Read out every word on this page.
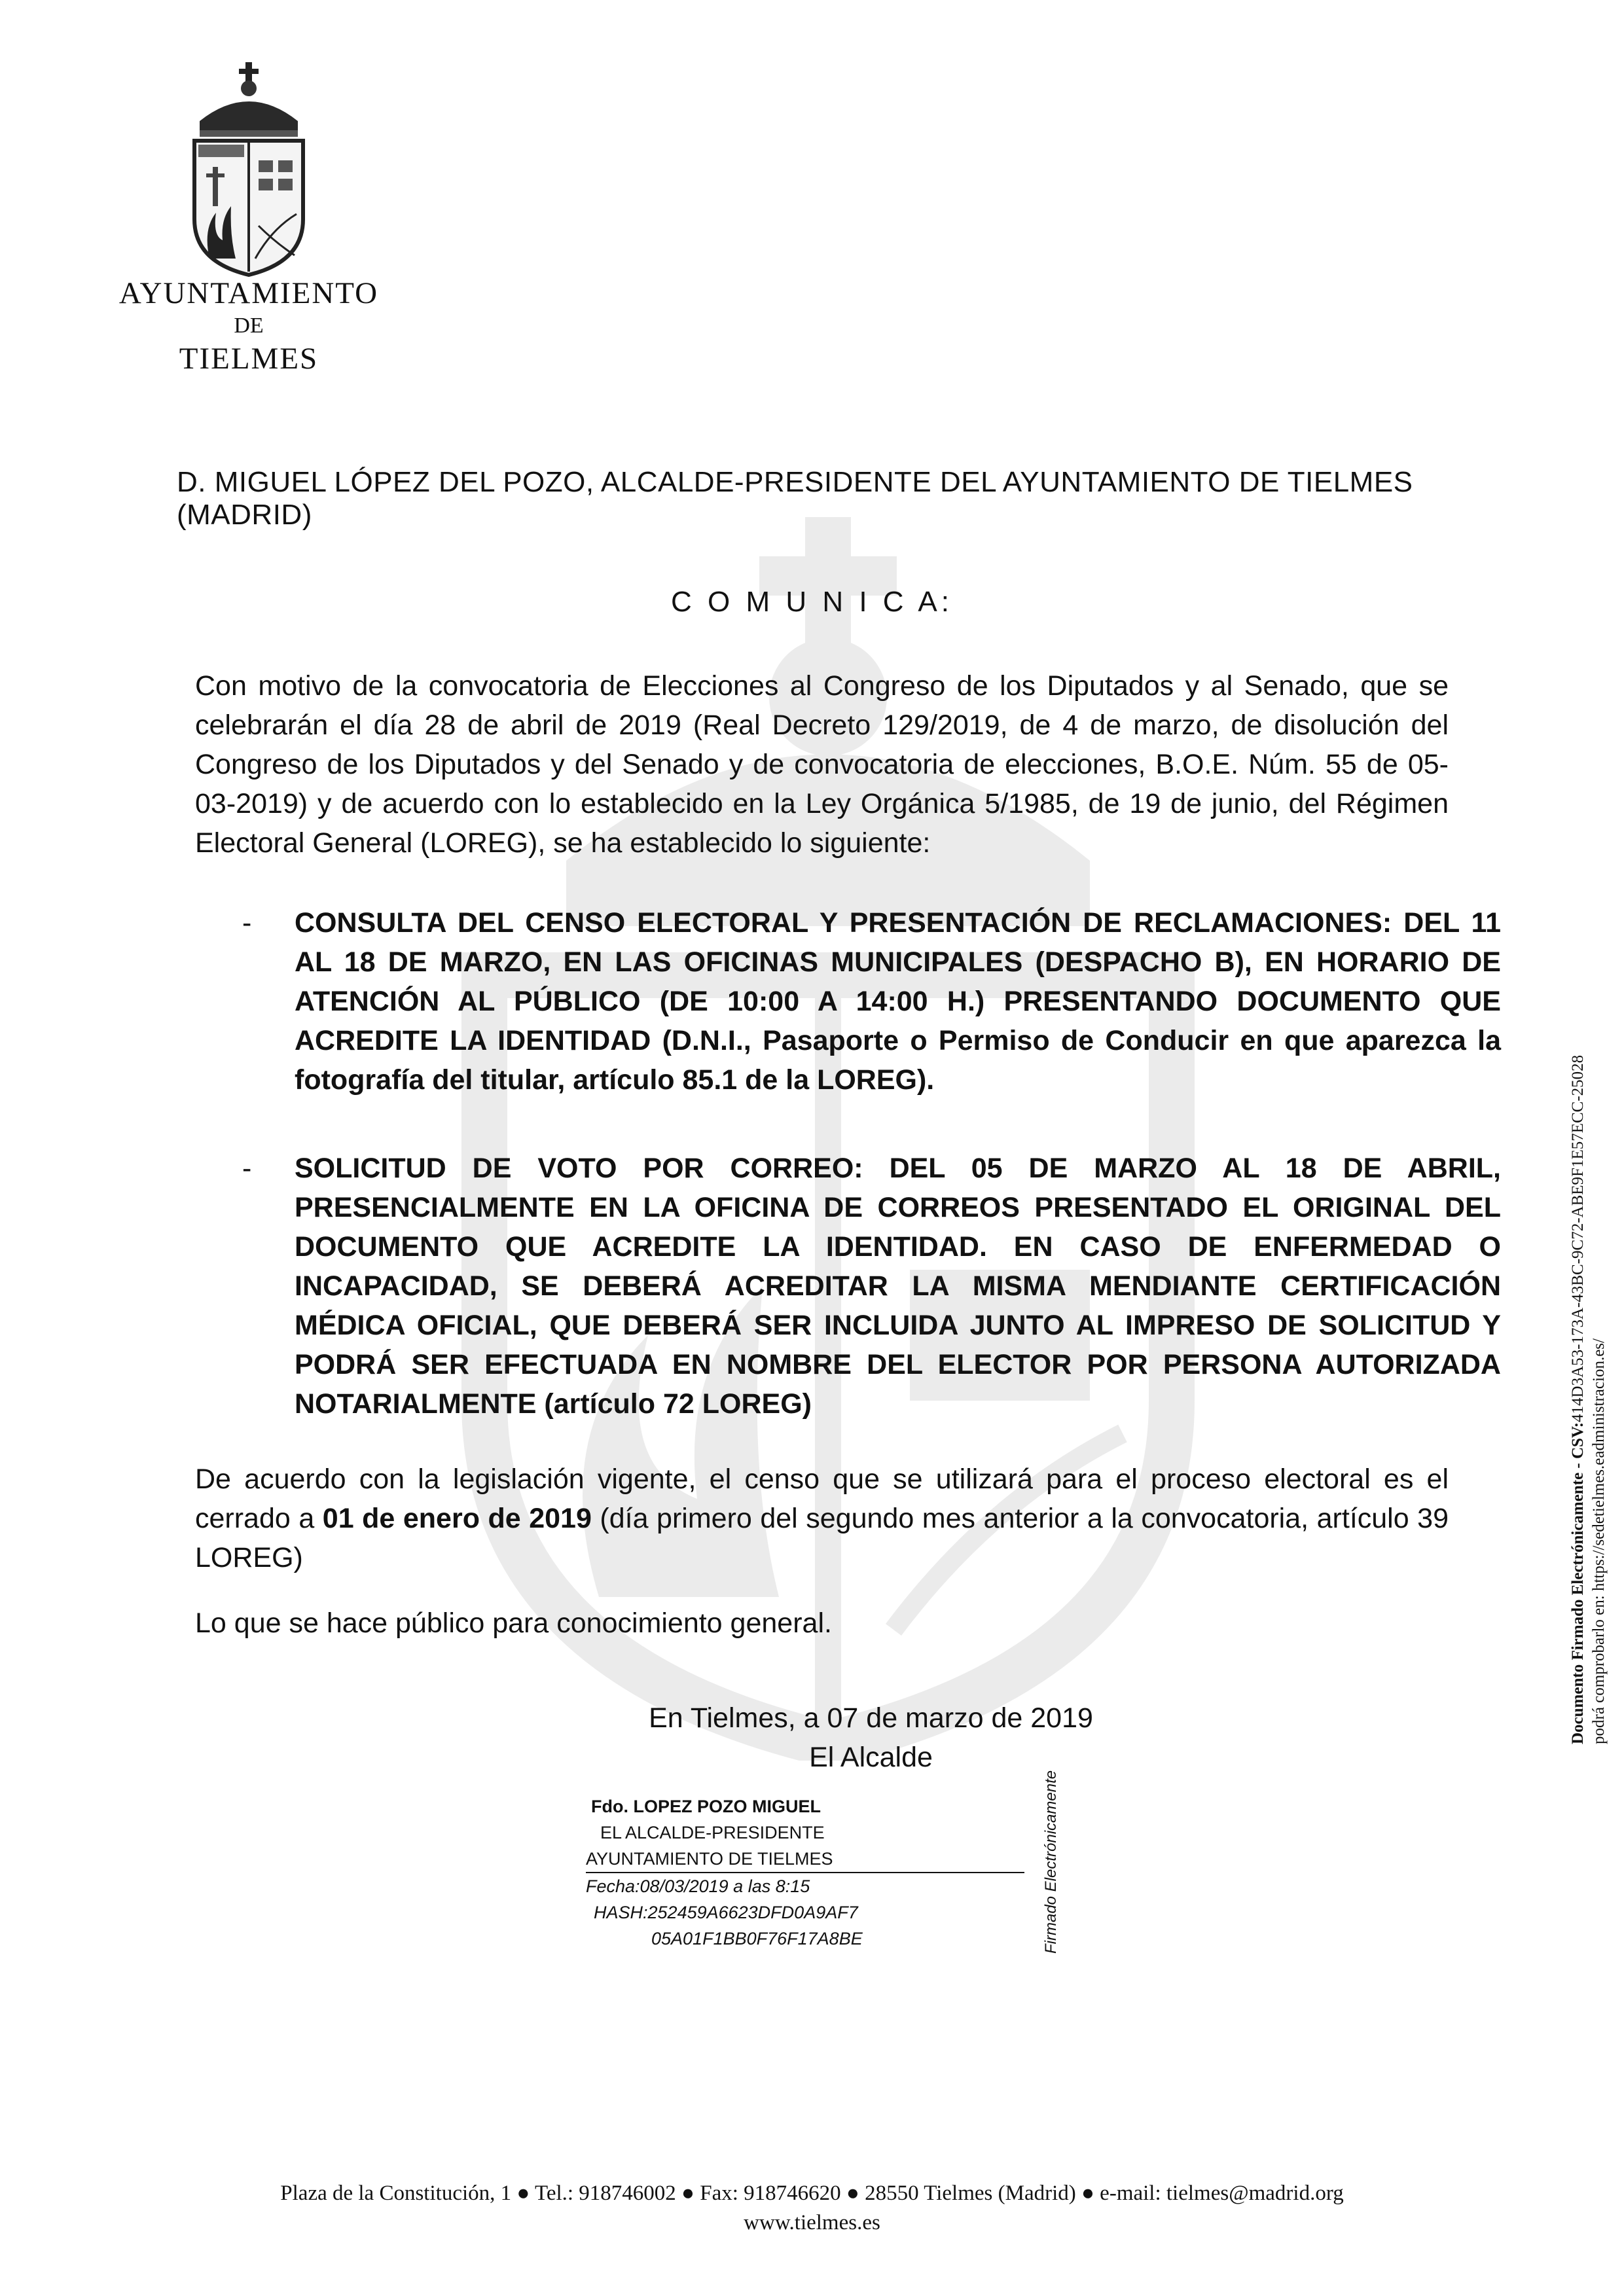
AYUNTAMIENTO
DE
TIELMES
D. MIGUEL LÓPEZ DEL POZO, ALCALDE-PRESIDENTE DEL AYUNTAMIENTO DE TIELMES (MADRID)
C O M U N I C A:
Con motivo de la convocatoria de Elecciones al Congreso de los Diputados y al Senado, que se celebrarán el día 28 de abril de 2019 (Real Decreto 129/2019, de 4 de marzo, de disolución del Congreso de los Diputados y del Senado y de convocatoria de elecciones, B.O.E. Núm. 55 de 05-03-2019) y de acuerdo con lo establecido en la Ley Orgánica 5/1985, de 19 de junio, del Régimen Electoral General (LOREG), se ha establecido lo siguiente:
- CONSULTA DEL CENSO ELECTORAL Y PRESENTACIÓN DE RECLAMACIONES: DEL 11 AL 18 DE MARZO, EN LAS OFICINAS MUNICIPALES (DESPACHO B), EN HORARIO DE ATENCIÓN AL PÚBLICO (DE 10:00 A 14:00 H.) PRESENTANDO DOCUMENTO QUE ACREDITE LA IDENTIDAD (D.N.I., Pasaporte o Permiso de Conducir en que aparezca la fotografía del titular, artículo 85.1 de la LOREG).
- SOLICITUD DE VOTO POR CORREO: DEL 05 DE MARZO AL 18 DE ABRIL, PRESENCIALMENTE EN LA OFICINA DE CORREOS PRESENTADO EL ORIGINAL DEL DOCUMENTO QUE ACREDITE LA IDENTIDAD. EN CASO DE ENFERMEDAD O INCAPACIDAD, SE DEBERÁ ACREDITAR LA MISMA MENDIANTE CERTIFICACIÓN MÉDICA OFICIAL, QUE DEBERÁ SER INCLUIDA JUNTO AL IMPRESO DE SOLICITUD Y PODRÁ SER EFECTUADA EN NOMBRE DEL ELECTOR POR PERSONA AUTORIZADA NOTARIALMENTE (artículo 72 LOREG)
De acuerdo con la legislación vigente, el censo que se utilizará para el proceso electoral es el cerrado a 01 de enero de 2019 (día primero del segundo mes anterior a la convocatoria, artículo 39 LOREG)
Lo que se hace público para conocimiento general.
En Tielmes, a 07 de marzo de 2019
El Alcalde
Fdo. LOPEZ POZO MIGUEL
EL ALCALDE-PRESIDENTE
AYUNTAMIENTO DE TIELMES
Fecha:08/03/2019 a las 8:15
HASH:252459A6623DFD0A9AF7
05A01F1BB0F76F17A8BE	Firmado Electrónicamente
Documento Firmado Electrónicamente - CSV:414D3A53-173A-43BC-9C72-ABE9F1E57ECC-25028
podrá comprobarlo en: https://sedetielmes.eadministracion.es/
Plaza de la Constitución, 1 ● Tel.: 918746002 ● Fax: 918746620 ● 28550 Tielmes (Madrid) ● e-mail: tielmes@madrid.org
www.tielmes.es
